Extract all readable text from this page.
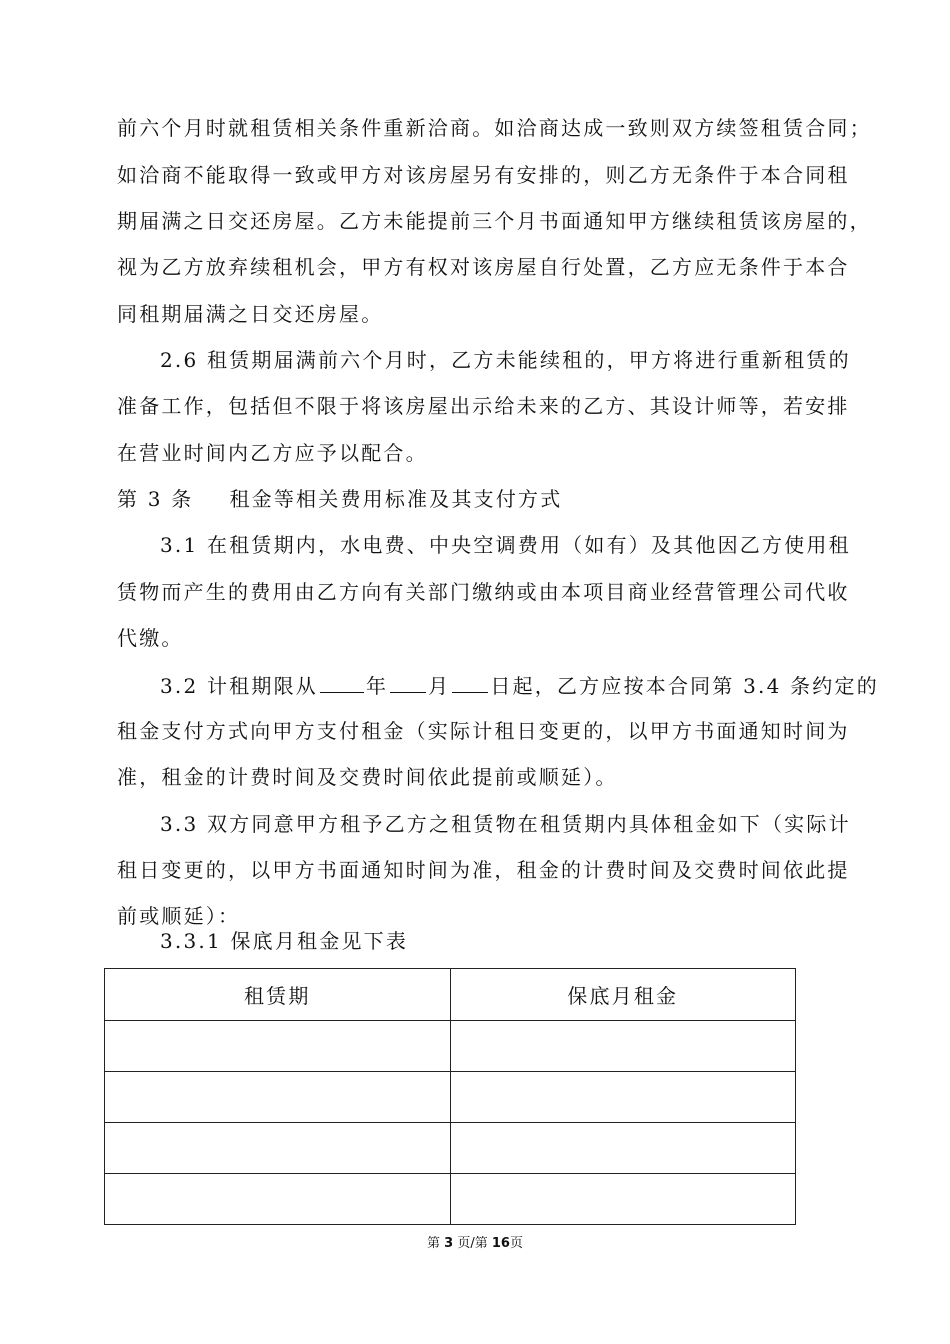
前六个月时就租赁相关条件重新洽商。如洽商达成一致则双方续签租赁合同；
如洽商不能取得一致或甲方对该房屋另有安排的，则乙方无条件于本合同租
期届满之日交还房屋。乙方未能提前三个月书面通知甲方继续租赁该房屋的，
视为乙方放弃续租机会，甲方有权对该房屋自行处置，乙方应无条件于本合
同租期届满之日交还房屋。
2.6 租赁期届满前六个月时，乙方未能续租的，甲方将进行重新租赁的
准备工作，包括但不限于将该房屋出示给未来的乙方、其设计师等，若安排
在营业时间内乙方应予以配合。
第 3 条 租金等相关费用标准及其支付方式
3.1 在租赁期内，水电费、中央空调费用（如有）及其他因乙方使用租
赁物而产生的费用由乙方向有关部门缴纳或由本项目商业经营管理公司代收
代缴。
3.2 计租期限从 年 月 日起，乙方应按本合同第 3.4 条约定的
租金支付方式向甲方支付租金（实际计租日变更的，以甲方书面通知时间为
准，租金的计费时间及交费时间依此提前或顺延）。
3.3 双方同意甲方租予乙方之租赁物在租赁期内具体租金如下（实际计
租日变更的，以甲方书面通知时间为准，租金的计费时间及交费时间依此提
前或顺延）：
3.3.1 保底月租金见下表
租赁期	保底月租金

第 3 页/第 16页
